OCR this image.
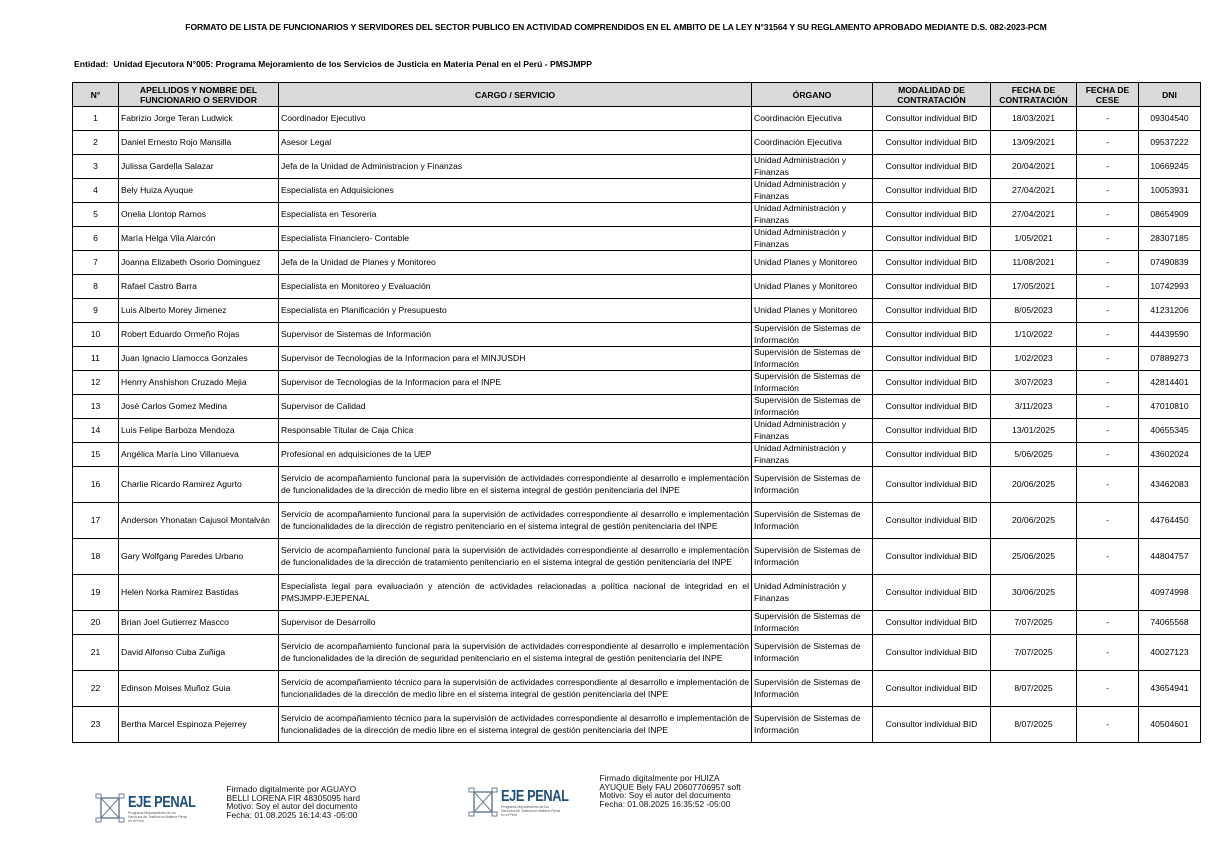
FORMATO DE LISTA DE FUNCIONARIOS Y SERVIDORES DEL SECTOR PUBLICO EN ACTIVIDAD COMPRENDIDOS EN EL AMBITO DE LA LEY N°31564 Y SU REGLAMENTO APROBADO MEDIANTE D.S. 082-2023-PCM
Entidad: Unidad Ejecutora N°005: Programa Mejoramiento de los Servicios de Justicia en Materia Penal en el Perú - PMSJMPP
N°	APELLIDOS Y NOMBRE DEL FUNCIONARIO O SERVIDOR	CARGO / SERVICIO	ÓRGANO	MODALIDAD DE CONTRATACIÓN	FECHA DE CONTRATACIÓN	FECHA DE CESE	DNI
1	Fabrizio Jorge Teran Ludwick	Coordinador Ejecutivo	Coordinación Ejecutiva	Consultor individual BID	18/03/2021	-	09304540
2	Daniel Ernesto Rojo Mansilla	Asesor Legal	Coordinación Ejecutiva	Consultor individual BID	13/09/2021	-	09537222
3	Julissa Gardella Salazar	Jefa de la Unidad de Administracion y Finanzas	Unidad Administración y Finanzas	Consultor individual BID	20/04/2021	-	10669245
4	Bely Huiza Ayuque	Especialista en Adquisiciones	Unidad Administración y Finanzas	Consultor individual BID	27/04/2021	-	10053931
5	Onelia Llontop Ramos	Especialista en Tesoreria	Unidad Administración y Finanzas	Consultor individual BID	27/04/2021	-	08654909
6	María Helga Vila Alarcón	Especialista Financiero- Contable	Unidad Administración y Finanzas	Consultor individual BID	1/05/2021	-	28307185
7	Joanna Elizabeth Osorio Dominguez	Jefa de la Unidad de Planes y Monitoreo	Unidad Planes y Monitoreo	Consultor individual BID	11/08/2021	-	07490839
8	Rafael Castro Barra	Especialista en Monitoreo y Evaluación	Unidad Planes y Monitoreo	Consultor individual BID	17/05/2021	-	10742993
9	Luis Alberto Morey Jimenez	Especialista en Planificación y Presupuesto	Unidad Planes y Monitoreo	Consultor individual BID	8/05/2023	-	41231206
10	Robert Eduardo Ormeño Rojas	Supervisor de Sistemas de Información	Supervisión de Sistemas de Información	Consultor individual BID	1/10/2022	-	44439590
11	Juan Ignacio Llamocca Gonzales	Supervisor de Tecnologias de la Informacion para el MINJUSDH	Supervisión de Sistemas de Información	Consultor individual BID	1/02/2023	-	07889273
12	Henrry Anshishon Cruzado Mejia	Supervisor de Tecnologias de la Informacion para el INPE	Supervisión de Sistemas de Información	Consultor individual BID	3/07/2023	-	42814401
13	José Carlos Gomez Medina	Supervisor de Calidad	Supervisión de Sistemas de Información	Consultor individual BID	3/11/2023	-	47010810
14	Luis Felipe Barboza Mendoza	Responsable Titular de Caja Chica	Unidad Administración y Finanzas	Consultor individual BID	13/01/2025	-	40655345
15	Angélica María Lino Villanueva	Profesional en adquisiciones de la UEP	Unidad Administración y Finanzas	Consultor individual BID	5/06/2025	-	43602024
16	Charlie Ricardo Ramirez Agurto	Servicio de acompañamiento funcional para la supervisión de actividades correspondiente al desarrollo e implementación de funcionalidades de la dirección de medio libre en el sistema integral de gestión penitenciaria del INPE	Supervisión de Sistemas de Información	Consultor individual BID	20/06/2025	-	43462083
17	Anderson Yhonatan Cajusol Montalván	Servicio de acompañamiento funcional para la supervisión de actividades correspondiente al desarrollo e implementación de funcionalidades de la dirección de registro penitenciario en el sistema integral de gestión penitenciaria del INPE	Supervisión de Sistemas de Información	Consultor individual BID	20/06/2025	-	44764450
18	Gary Wolfgang Paredes Urbano	Servicio de acompañamiento funcional para la supervisión de actividades correspondiente al desarrollo e implementación de funcionalidades de la dirección de tratamiento penitenciario en el sistema integral de gestión penitenciaria del INPE	Supervisión de Sistemas de Información	Consultor individual BID	25/06/2025	-	44804757
19	Helen Norka Ramirez Bastidas	Especialista legal para evaluaciaón y atención de actividades relacionadas a política nacional de integridad en el PMSJMPP-EJEPENAL	Unidad Administración y Finanzas	Consultor individual BID	30/06/2025		40974998
20	Brian Joel Gutierrez Mascco	Supervisor de Desarrollo	Supervisión de Sistemas de Información	Consultor individual BID	7/07/2025	-	74065568
21	David Alfonso Cuba Zuñiga	Servicio de acompañamiento funcional para la supervisión de actividades correspondiente al desarrollo e implementación de funcionalidades de la direción de seguridad penitenciario en el sistema integral de gestión penitenciaria del INPE	Supervisión de Sistemas de Información	Consultor individual BID	7/07/2025	-	40027123
22	Edinson Moises Muñoz Guia	Servicio de acompañamiento técnico para la supervisión de actividades correspondiente al desarrollo e implementación de funcionalidades de la dirección de medio libre en el sistema integral de gestión penitenciaria del INPE	Supervisión de Sistemas de Información	Consultor individual BID	8/07/2025	-	43654941
23	Bertha Marcel Espinoza Pejerrey	Servicio de acompañamiento técnico para la supervisión de actividades correspondiente al desarrollo e implementación de funcionalidades de la dirección de medio libre en el sistema integral de gestión penitenciaria del INPE	Supervisión de Sistemas de Información	Consultor individual BID	8/07/2025	-	40504601
EJE PENAL
Programa Mejoramiento de los Servicios de Justicia en Materia Penal en el Perú
Firmado digitalmente por AGUAYO
BELLI LORENA FIR 48305095 hard
Motivo: Soy el autor del documento
Fecha: 01.08.2025 16:14:43 -05:00
EJE PENAL
Programa Mejoramiento de los Servicios de Justicia en Materia Penal en el Perú
Firmado digitalmente por HUIZA
AYUQUE Bely FAU 20607706957 soft
Motivo: Soy el autor del documento
Fecha: 01.08.2025 16:35:52 -05:00
